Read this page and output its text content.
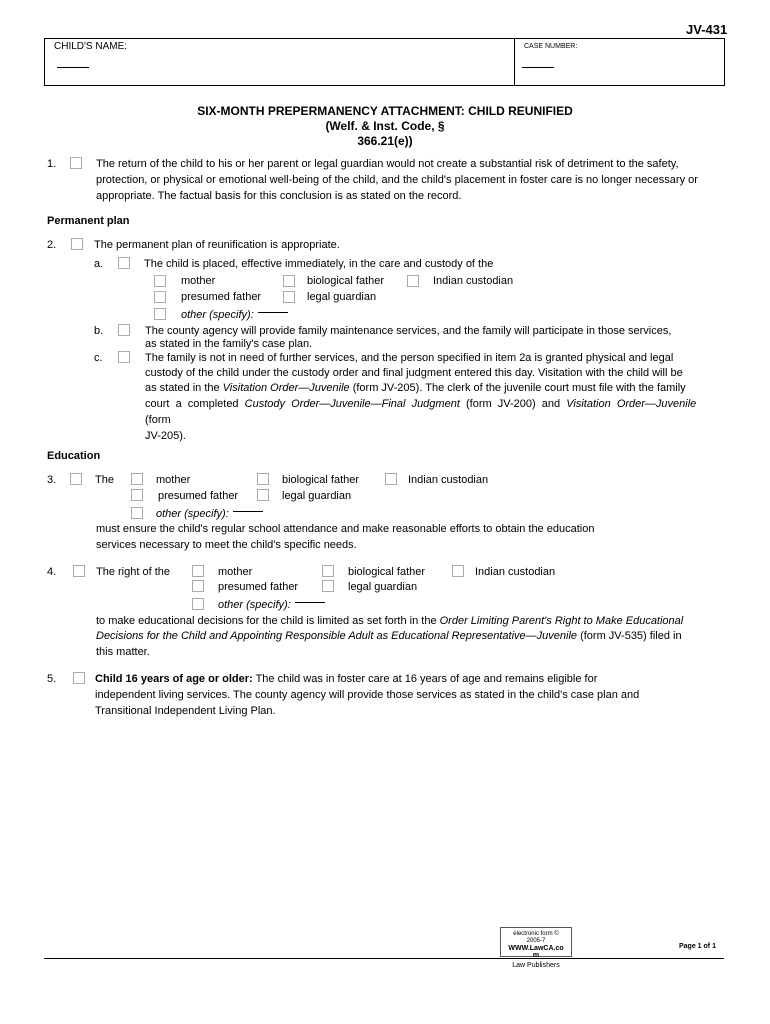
JV-431
CHILD'S NAME:	CASE NUMBER:
SIX-MONTH PREPERMANENCY ATTACHMENT: CHILD REUNIFIED
(Welf. & Inst. Code, §
366.21(e))
1.	The return of the child to his or her parent or legal guardian would not create a substantial risk of detriment to the safety, protection, or physical or emotional well-being of the child, and the child's placement in foster care is no longer necessary or appropriate. The factual basis for this conclusion is as stated on the record.
Permanent plan
2.	The permanent plan of reunification is appropriate.
a.	The child is placed, effective immediately, in the care and custody of the
mother	biological father	Indian custodian
presumed father	legal guardian
other (specify):
b.	The county agency will provide family maintenance services, and the family will participate in those services,
as stated in the family's case plan.
c.	The family is not in need of further services, and the person specified in item 2a is granted physical and legal
custody of the child under the custody order and final judgment entered this day. Visitation with the child will be
as stated in the Visitation Order—Juvenile (form JV-205). The clerk of the juvenile court must file with the family
court  a  completed  Custody  Order—Juvenile—Final  Judgment  (form  JV-200)  and  Visitation  Order—Juvenile
(form
JV-205).
Education
3.	The	mother	biological father	Indian custodian
presumed father	legal guardian
other (specify):
must ensure the child's regular school attendance and make reasonable efforts to obtain the education
services necessary to meet the child's specific needs.
4.	The right of the	mother	biological father	Indian custodian
presumed father	legal guardian
other (specify):
to make educational decisions for the child is limited as set forth in the Order Limiting Parent's Right to Make Educational
Decisions for the Child and Appointing Responsible Adult as Educational Representative—Juvenile (form JV-535) filed in
this matter.
5.	Child 16 years of age or older: The child was in foster care at 16 years of age and remains eligible for
independent living services. The county agency will provide those services as stated in the child's case plan and
Transitional Independent Living Plan.
electronic form ©
2005-7
WWW.LawCA.co
m
Law Publishers
Page 1 of 1
